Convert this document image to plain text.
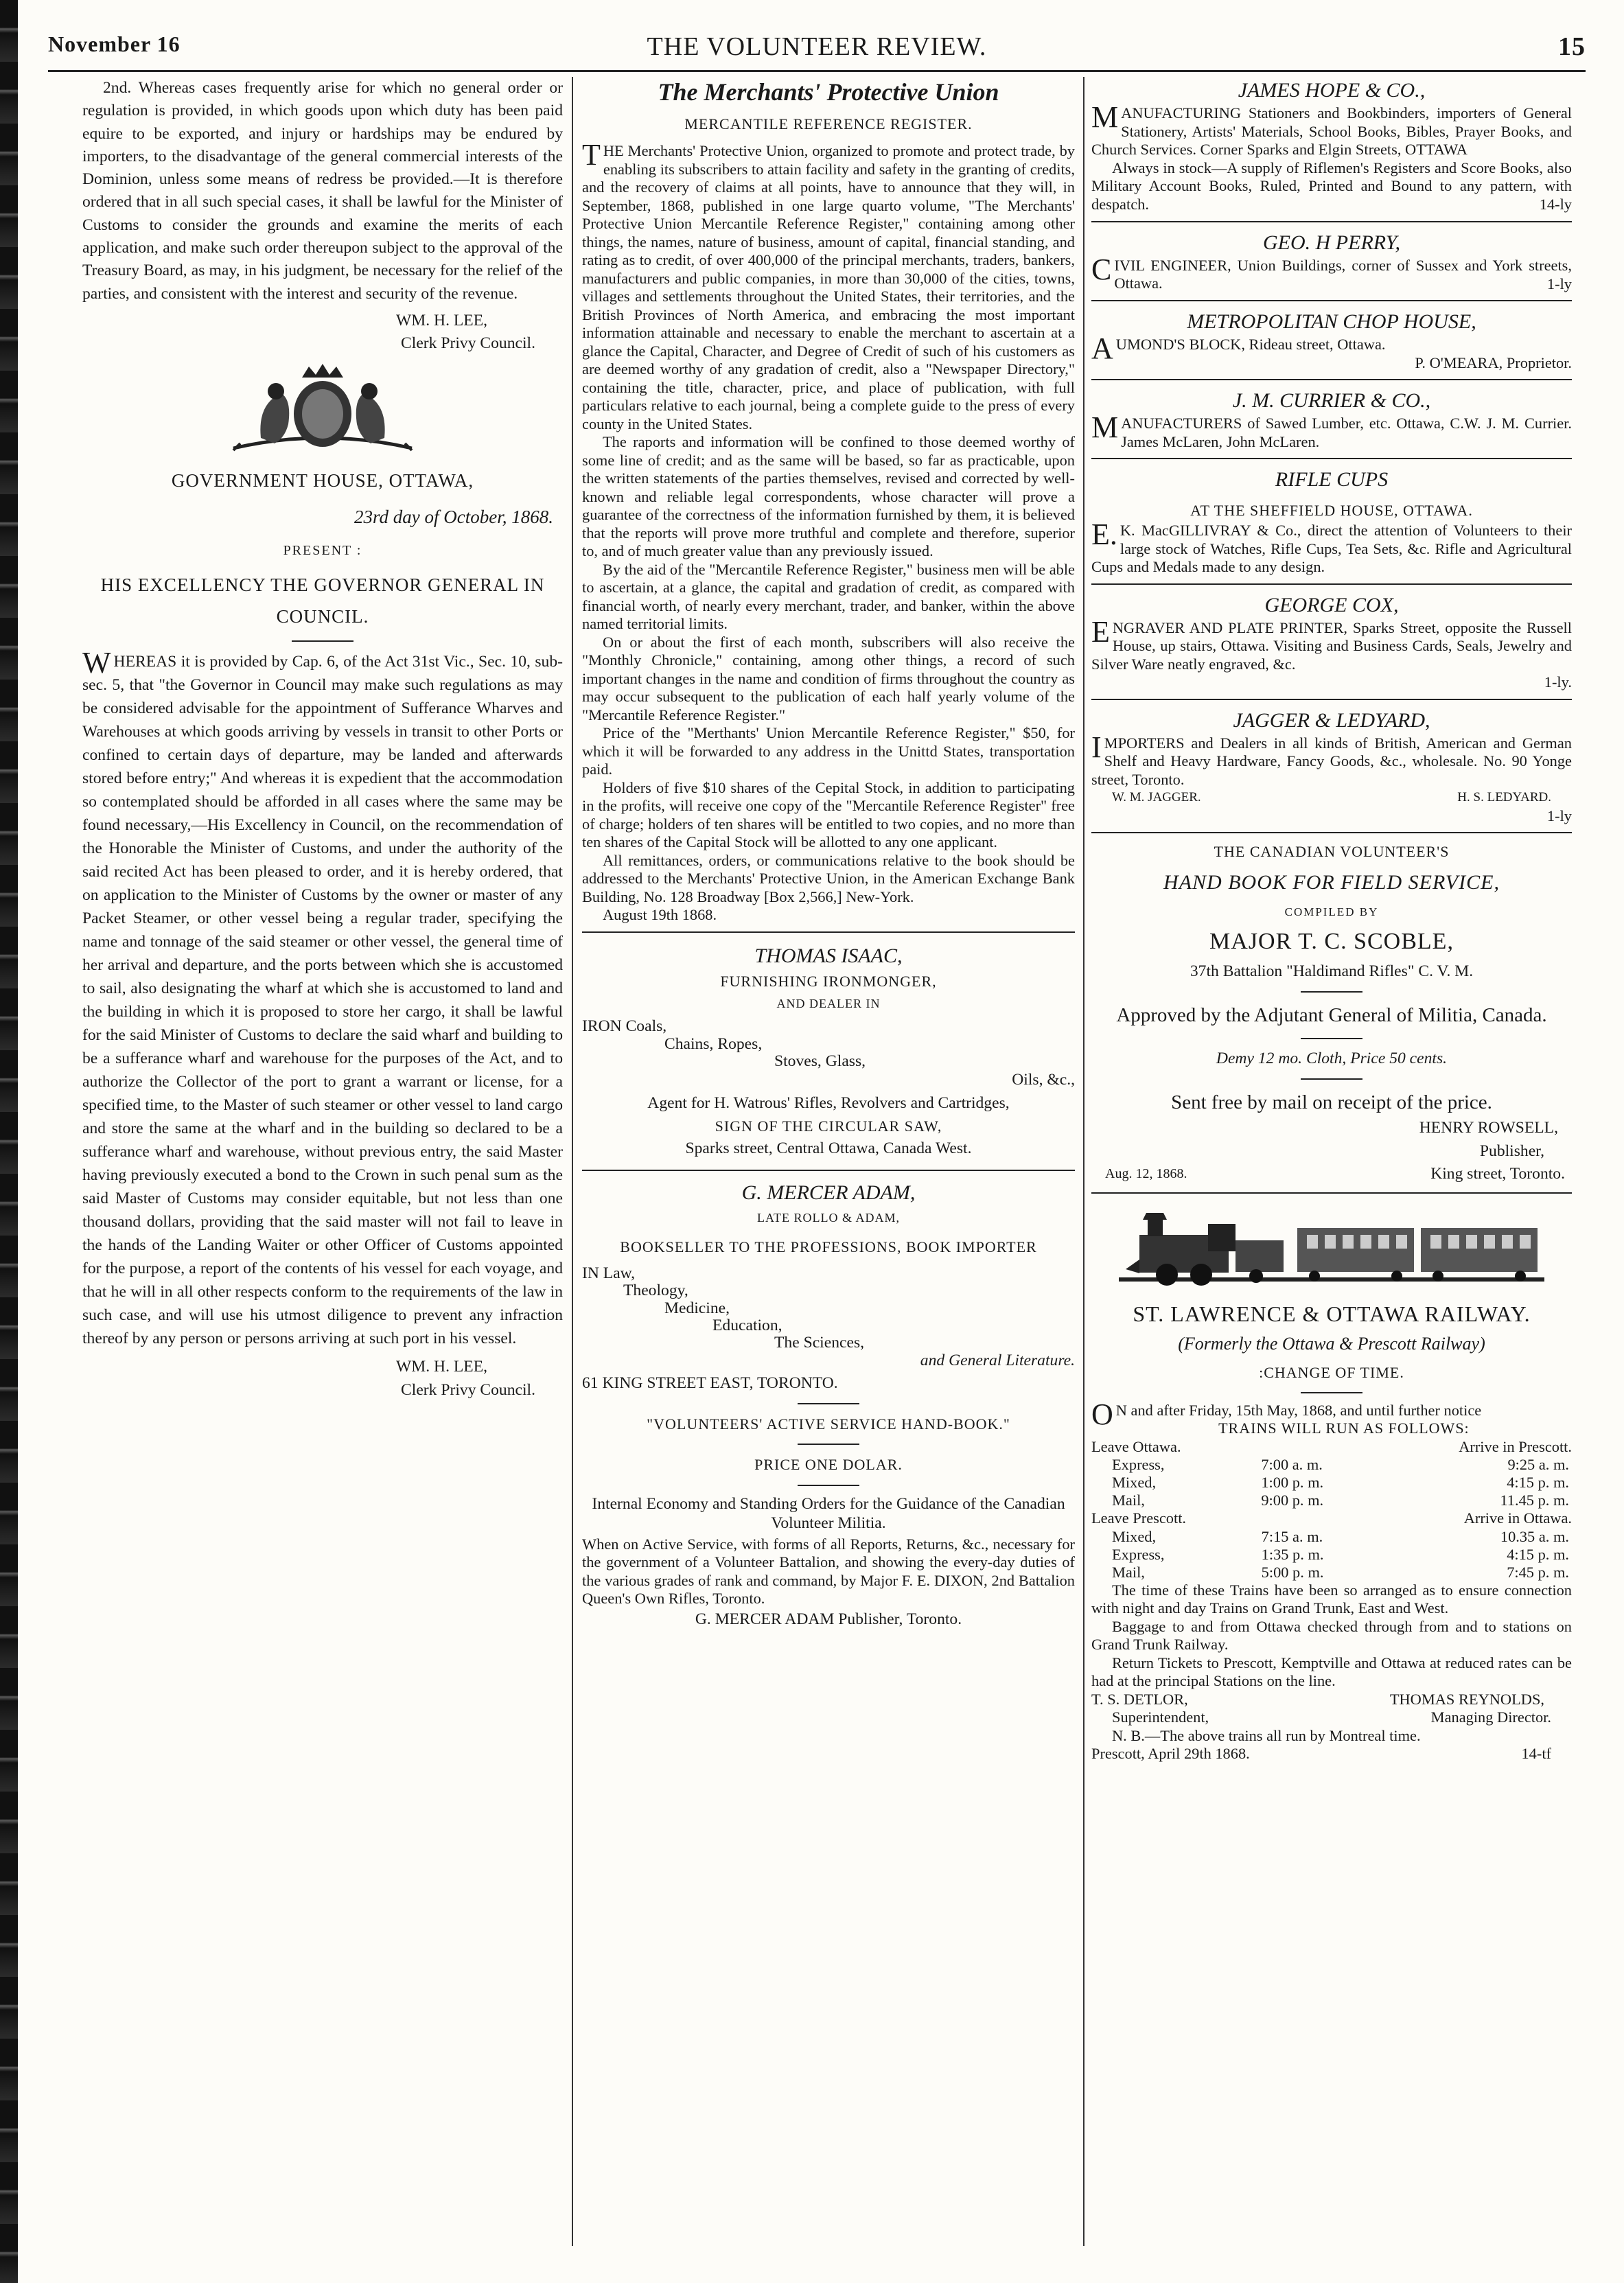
November 16	THE VOLUNTEER REVIEW.	15

2nd. Whereas cases frequently arise for which no general order or regulation is provided, in which goods upon which duty has been paid equire to be exported, and injury or hardships may be endured by importers, to the disadvantage of the general commercial interests of the Dominion, unless some means of redress be provided.—It is therefore ordered that in all such special cases, it shall be lawful for the Minister of Customs to consider the grounds and examine the merits of each application, and make such order thereupon subject to the approval of the Treasury Board, as may, in his judgment, be necessary for the relief of the parties, and consistent with the interest and security of the revenue.

WM. H. LEE,

Clerk Privy Council.

GOVERNMENT HOUSE, OTTAWA,

23rd day of October, 1868.

PRESENT :

HIS EXCELLENCY THE GOVERNOR GENERAL IN COUNCIL.

WHEREAS it is provided by Cap. 6, of the Act 31st Vic., Sec. 10, sub-sec. 5, that "the Governor in Council may make such regulations as may be considered advisable for the appointment of Sufferance Wharves and Warehouses at which goods arriving by vessels in transit to other Ports or confined to certain days of departure, may be landed and afterwards stored before entry;" And whereas it is expedient that the accommodation so contemplated should be afforded in all cases where the same may be found necessary,—His Excellency in Council, on the recommendation of the Honorable the Minister of Customs, and under the authority of the said recited Act has been pleased to order, and it is hereby ordered, that on application to the Minister of Customs by the owner or master of any Packet Steamer, or other vessel being a regular trader, specifying the name and tonnage of the said steamer or other vessel, the general time of her arrival and departure, and the ports between which she is accustomed to sail, also designating the wharf at which she is accustomed to land and the building in which it is proposed to store her cargo, it shall be lawful for the said Minister of Customs to declare the said wharf and building to be a sufferance wharf and warehouse for the purposes of the Act, and to authorize the Collector of the port to grant a warrant or license, for a specified time, to the Master of such steamer or other vessel to land cargo and store the same at the wharf and in the building so declared to be a sufferance wharf and warehouse, without previous entry, the said Master having previously executed a bond to the Crown in such penal sum as the said Master of Customs may consider equitable, but not less than one thousand dollars, providing that the said master will not fail to leave in the hands of the Landing Waiter or other Officer of Customs appointed for the purpose, a report of the contents of his vessel for each voyage, and that he will in all other respects conform to the requirements of the law in such case, and will use his utmost diligence to prevent any infraction thereof by any person or persons arriving at such port in his vessel.

WM. H. LEE,

Clerk Privy Council.

The Merchants' Protective Union

MERCANTILE REFERENCE REGISTER.

THE Merchants' Protective Union, organized to promote and protect trade, by enabling its subscribers to attain facility and safety in the granting of credits, and the recovery of claims at all points, have to announce that they will, in September, 1868, published in one large quarto volume, "The Merchants' Protective Union Mercantile Reference Register," containing among other things, the names, nature of business, amount of capital, financial standing, and rating as to credit, of over 400,000 of the principal merchants, traders, bankers, manufacturers and public companies, in more than 30,000 of the cities, towns, villages and settlements throughout the United States, their territories, and the British Provinces of North America, and embracing the most important information attainable and necessary to enable the merchant to ascertain at a glance the Capital, Character, and Degree of Credit of such of his customers as are deemed worthy of any gradation of credit, also a "Newspaper Directory," containing the title, character, price, and place of publication, with full particulars relative to each journal, being a complete guide to the press of every county in the United States.

The raports and information will be confined to those deemed worthy of some line of credit; and as the same will be based, so far as practicable, upon the written statements of the parties themselves, revised and corrected by well-known and reliable legal correspondents, whose character will prove a guarantee of the correctness of the information furnished by them, it is believed that the reports will prove more truthful and complete and therefore, superior to, and of much greater value than any previously issued.

By the aid of the "Mercantile Reference Register," business men will be able to ascertain, at a glance, the capital and gradation of credit, as compared with financial worth, of nearly every merchant, trader, and banker, within the above named territorial limits.

On or about the first of each month, subscribers will also receive the "Monthly Chronicle," containing, among other things, a record of such important changes in the name and condition of firms throughout the country as may occur subsequent to the publication of each half yearly volume of the "Mercantile Reference Register."

Price of the "Merthants' Union Mercantile Reference Register," $50, for which it will be forwarded to any address in the Unittd States, transportation paid.

Holders of five $10 shares of the Cepital Stock, in addition to participating in the profits, will receive one copy of the "Mercantile Reference Register" free of charge; holders of ten shares will be entitled to two copies, and no more than ten shares of the Capital Stock will be allotted to any one applicant.

All remittances, orders, or communications relative to the book should be addressed to the Merchants' Protective Union, in the American Exchange Bank Building, No. 128 Broadway [Box 2,566,] New-York.

August 19th 1868.

THOMAS ISAAC,

FURNISHING IRONMONGER,

AND DEALER IN

IRON Coals,

Chains, Ropes,

Stoves, Glass,

Oils, &c.,

Agent for H. Watrous' Rifles, Revolvers and Cartridges,

SIGN OF THE CIRCULAR SAW,

Sparks street, Central Ottawa, Canada West.

G. MERCER ADAM,

LATE ROLLO & ADAM,

BOOKSELLER TO THE PROFESSIONS, BOOK IMPORTER

IN Law,

Theology,

Medicine,

Education,

The Sciences,

and General Literature.

61 KING STREET EAST, TORONTO.

"VOLUNTEERS' ACTIVE SERVICE HAND-BOOK."

PRICE ONE DOLAR.

Internal Economy and Standing Orders for the Guidance of the Canadian Volunteer Militia.

When on Active Service, with forms of all Reports, Returns, &c., necessary for the government of a Volunteer Battalion, and showing the every-day duties of the various grades of rank and command, by Major F. E. DIXON, 2nd Battalion Queen's Own Rifles, Toronto.

G. MERCER ADAM Publisher, Toronto.

JAMES HOPE & CO.,

MANUFACTURING Stationers and Bookbinders, importers of General Stationery, Artists' Materials, School Books, Bibles, Prayer Books, and Church Services. Corner Sparks and Elgin Streets, OTTAWA

Always in stock—A supply of Riflemen's Registers and Score Books, also Military Account Books, Ruled, Printed and Bound to any pattern, with despatch.	14-ly

GEO. H PERRY,

CIVIL ENGINEER, Union Buildings, corner of Sussex and York streets, Ottawa.	1-ly

METROPOLITAN CHOP HOUSE,

AUMOND'S BLOCK, Rideau street, Ottawa.

P. O'MEARA, Proprietor.

J. M. CURRIER & CO.,

MANUFACTURERS of Sawed Lumber, etc. Ottawa, C.W. J. M. Currier. James McLaren, John McLaren.

RIFLE CUPS

AT THE SHEFFIELD HOUSE, OTTAWA.

E.K. MacGILLIVRAY & Co., direct the attention of Volunteers to their large stock of Watches, Rifle Cups, Tea Sets, &c. Rifle and Agricultural Cups and Medals made to any design.

GEORGE COX,

ENGRAVER AND PLATE PRINTER, Sparks Street, opposite the Russell House, up stairs, Ottawa. Visiting and Business Cards, Seals, Jewelry and Silver Ware neatly engraved, &c.

1-ly.

JAGGER & LEDYARD,

IMPORTERS and Dealers in all kinds of British, American and German Shelf and Heavy Hardware, Fancy Goods, &c., wholesale. No. 90 Yonge street, Toronto.

W. M. JAGGER.	H. S. LEDYARD.

1-ly

THE CANADIAN VOLUNTEER'S

HAND BOOK FOR FIELD SERVICE,

COMPILED BY

MAJOR T. C. SCOBLE,

37th Battalion "Haldimand Rifles" C. V. M.

Approved by the Adjutant General of Militia, Canada.

Demy 12 mo. Cloth, Price 50 cents.

Sent free by mail on receipt of the price.

HENRY ROWSELL,

Publisher,

Aug. 12, 1868.	King street, Toronto.

ST. LAWRENCE & OTTAWA RAILWAY.

(Formerly the Ottawa & Prescott Railway)

:CHANGE OF TIME.

ON and after Friday, 15th May, 1868, and until further notice

TRAINS WILL RUN AS FOLLOWS:

Leave Ottawa.	Arrive in Prescott.
Express,	7:00 a. m.	9:25 a. m.
Mixed,	1:00 p. m.	4:15 p. m.
Mail,	9:00 p. m.	11.45 p. m.
Leave Prescott.	Arrive in Ottawa.
Mixed,	7:15 a. m.	10.35 a. m.
Express,	1:35 p. m.	4:15 p. m.
Mail,	5:00 p. m.	7:45 p. m.

The time of these Trains have been so arranged as to ensure connection with night and day Trains on Grand Trunk, East and West.

Baggage to and from Ottawa checked through from and to stations on Grand Trunk Railway.

Return Tickets to Prescott, Kemptville and Ottawa at reduced rates can be had at the principal Stations on the line.

T. S. DETLOR,	THOMAS REYNOLDS,
Superintendent,	Managing Director.

N. B.—The above trains all run by Montreal time.

Prescott, April 29th 1868.	14-tf
